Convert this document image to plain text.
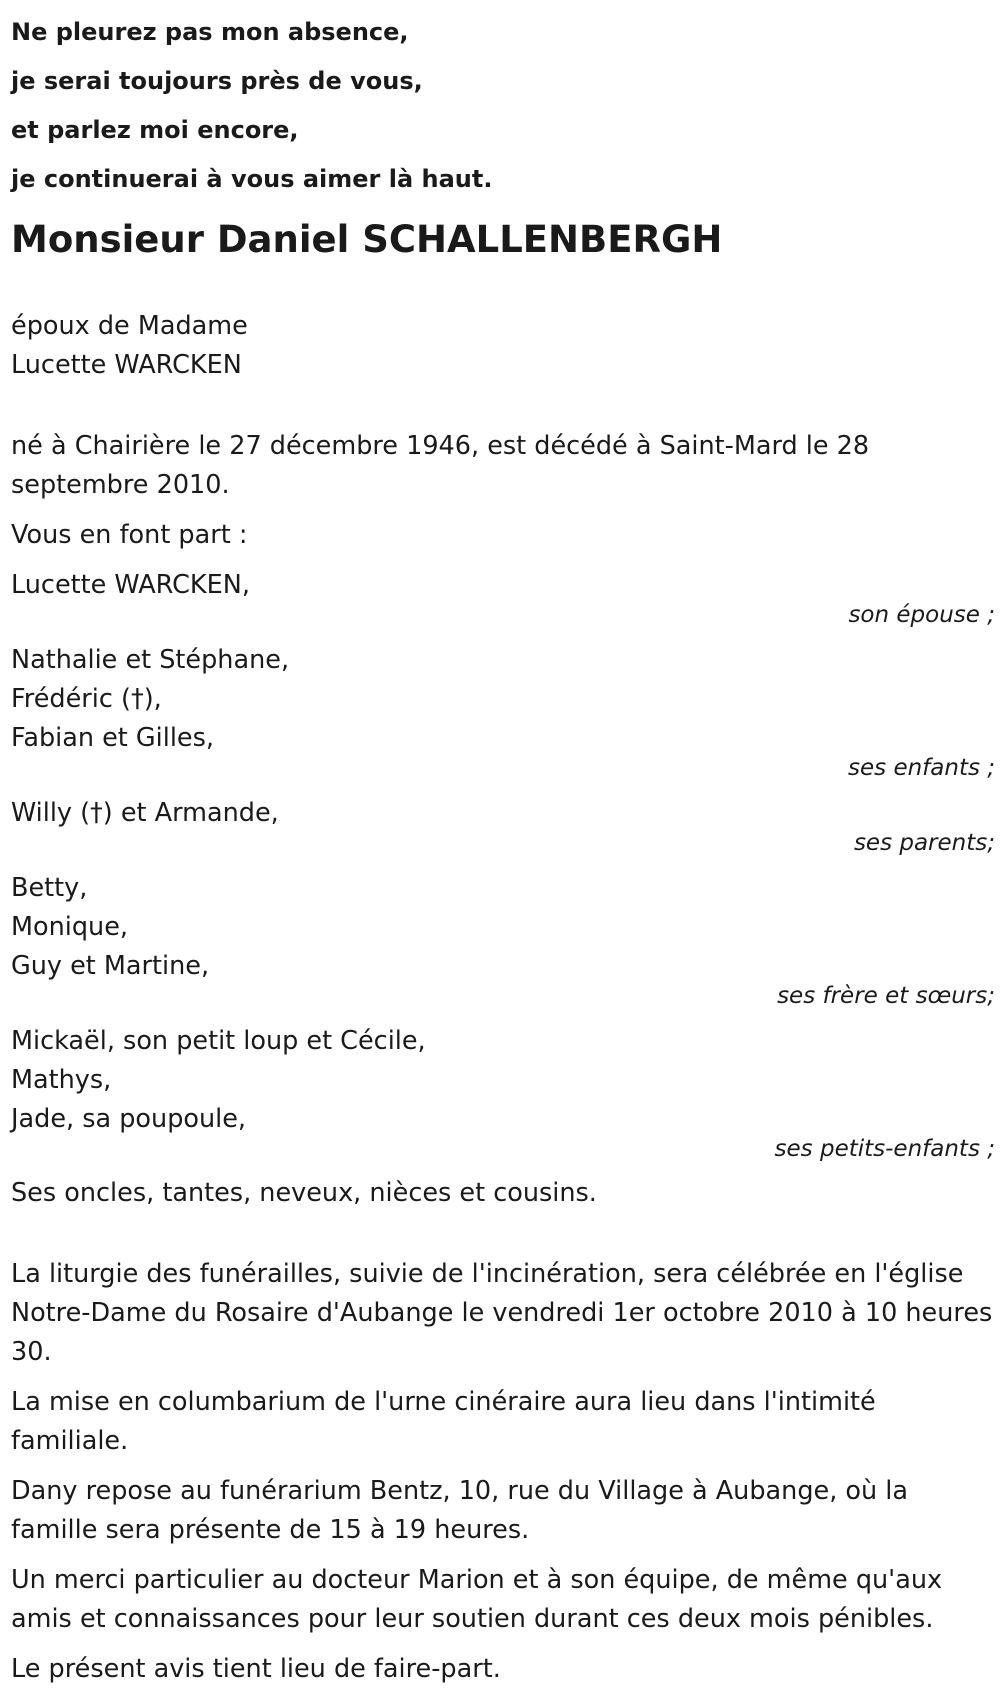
Ne pleurez pas mon absence,

je serai toujours près de vous,

et parlez moi encore,

je continuerai à vous aimer là haut.

Monsieur Daniel SCHALLENBERGH
époux de Madame
Lucette WARCKEN

né à Chairière le 27 décembre 1946, est décédé à Saint-Mard le 28 septembre 2010.

Vous en font part :

Lucette WARCKEN,
son épouse ;
Nathalie et Stéphane,
Frédéric (†),
Fabian et Gilles,
ses enfants ;
Willy (†) et Armande,
ses parents;
Betty,
Monique,
Guy et Martine,
ses frère et sœurs;
Mickaël, son petit loup et Cécile,
Mathys,
Jade, sa poupoule,
ses petits-enfants ;

Ses oncles, tantes, neveux, nièces et cousins.

La liturgie des funérailles, suivie de l'incinération, sera célébrée en l'église Notre-Dame du Rosaire d'Aubange le vendredi 1er octobre 2010 à 10 heures 30.

La mise en columbarium de l'urne cinéraire aura lieu dans l'intimité familiale.

Dany repose au funérarium Bentz, 10, rue du Village à Aubange, où la famille sera présente de 15 à 19 heures.

Un merci particulier au docteur Marion et à son équipe, de même qu'aux amis et connaissances pour leur soutien durant ces deux mois pénibles.

Le présent avis tient lieu de faire-part.
